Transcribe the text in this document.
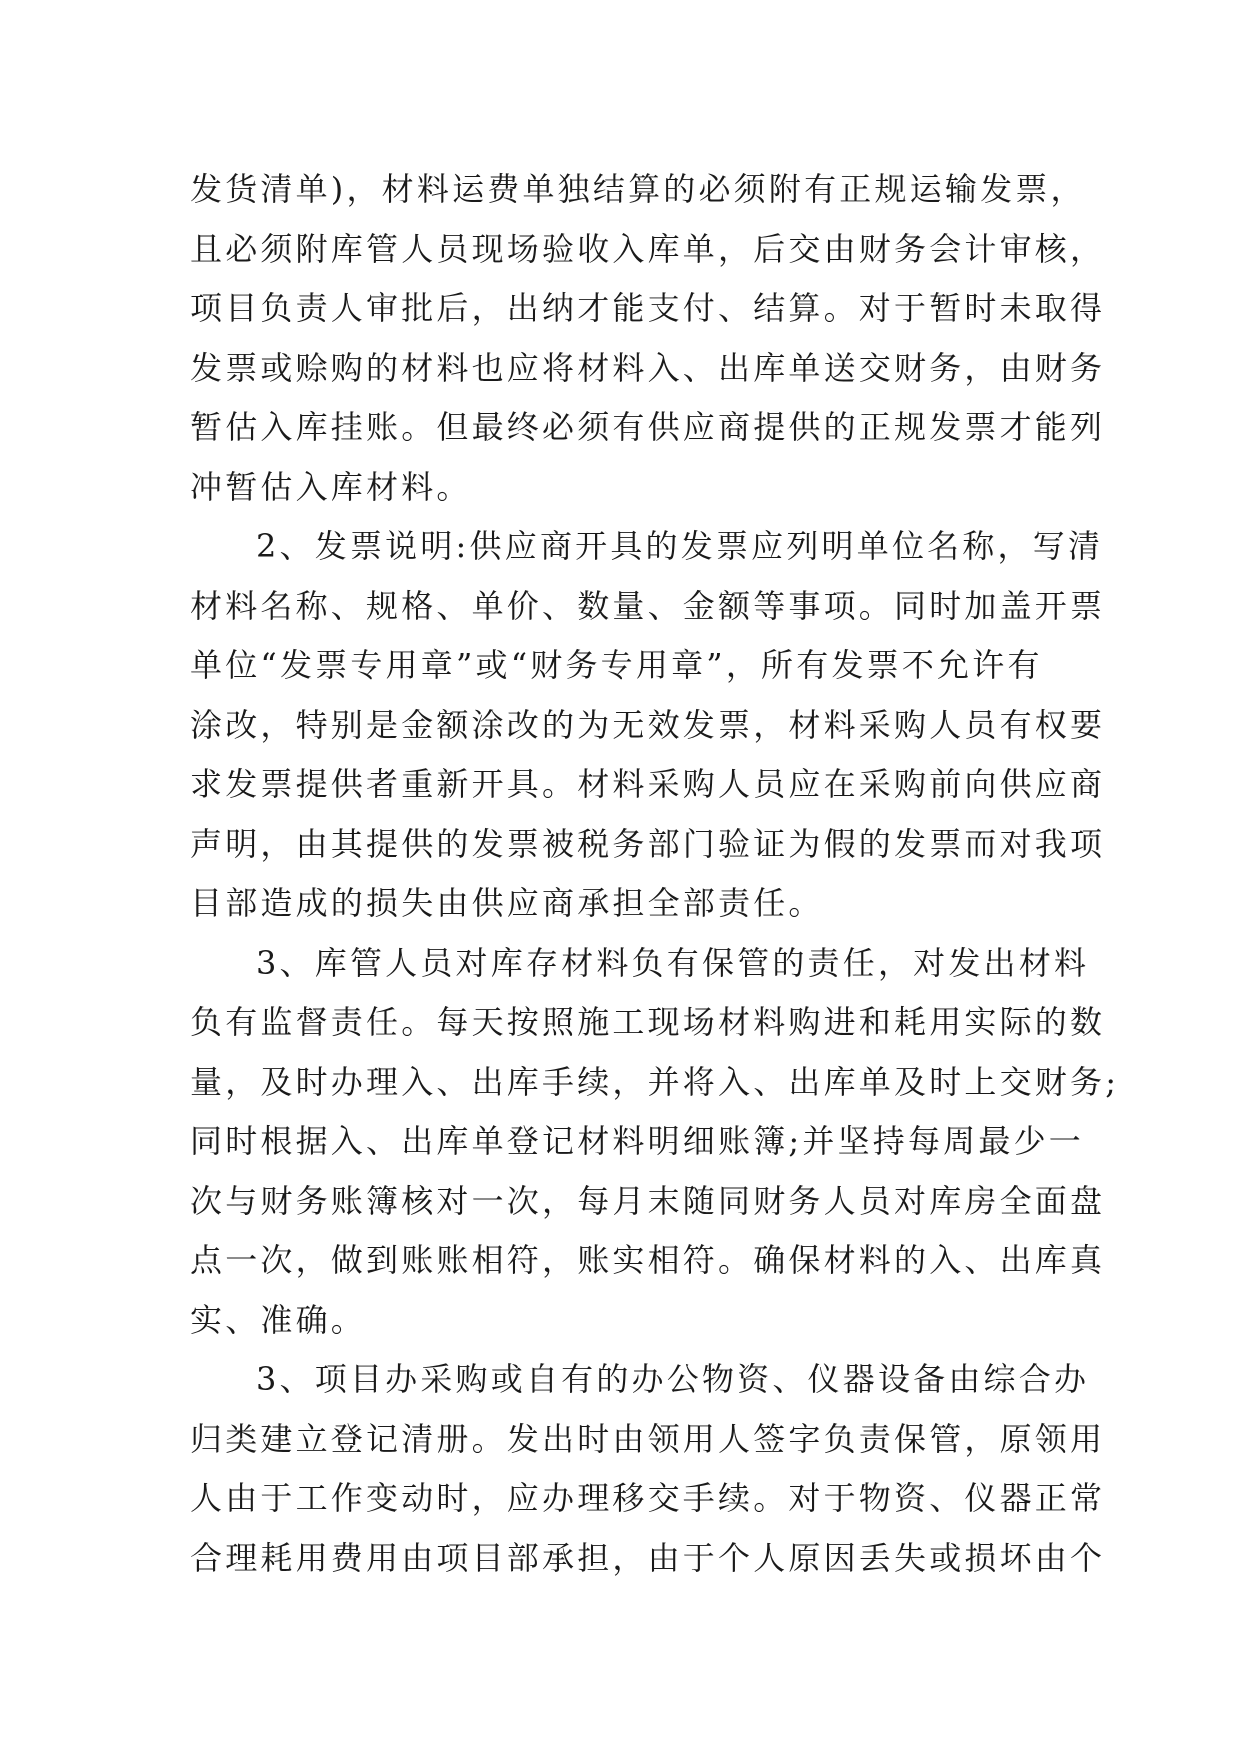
发货清单)，材料运费单独结算的必须附有正规运输发票，
且必须附库管人员现场验收入库单，后交由财务会计审核，
项目负责人审批后，出纳才能支付、结算。对于暂时未取得
发票或赊购的材料也应将材料入、出库单送交财务，由财务
暂估入库挂账。但最终必须有供应商提供的正规发票才能列
冲暂估入库材料。
2、发票说明:供应商开具的发票应列明单位名称，写清
材料名称、规格、单价、数量、金额等事项。同时加盖开票
单位“发票专用章”或“财务专用章”，所有发票不允许有
涂改，特别是金额涂改的为无效发票，材料采购人员有权要
求发票提供者重新开具。材料采购人员应在采购前向供应商
声明，由其提供的发票被税务部门验证为假的发票而对我项
目部造成的损失由供应商承担全部责任。
3、库管人员对库存材料负有保管的责任，对发出材料
负有监督责任。每天按照施工现场材料购进和耗用实际的数
量，及时办理入、出库手续，并将入、出库单及时上交财务;
同时根据入、出库单登记材料明细账簿;并坚持每周最少一
次与财务账簿核对一次，每月末随同财务人员对库房全面盘
点一次，做到账账相符，账实相符。确保材料的入、出库真
实、准确。
3、项目办采购或自有的办公物资、仪器设备由综合办
归类建立登记清册。发出时由领用人签字负责保管，原领用
人由于工作变动时，应办理移交手续。对于物资、仪器正常
合理耗用费用由项目部承担，由于个人原因丢失或损坏由个
